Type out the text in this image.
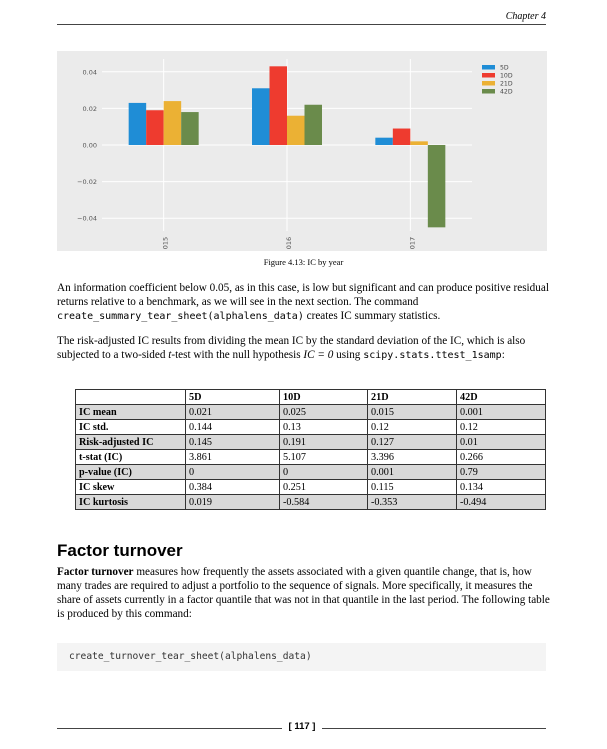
Chapter 4
0.04
0.02
0.00
−0.02
−0.04
015	016	017
5D
10D
21D
42D
Figure 4.13: IC by year
An information coefficient below 0.05, as in this case, is low but significant and can produce positive residual returns relative to a benchmark, as we will see in the next section. The command create_summary_tear_sheet(alphalens_data) creates IC summary statistics.
The risk-adjusted IC results from dividing the mean IC by the standard deviation of the IC, which is also subjected to a two-sided t-test with the null hypothesis IC = 0 using scipy.stats.ttest_1samp:
	5D	10D	21D	42D
IC mean	0.021	0.025	0.015	0.001
IC std.	0.144	0.13	0.12	0.12
Risk-adjusted IC	0.145	0.191	0.127	0.01
t-stat (IC)	3.861	5.107	3.396	0.266
p-value (IC)	0	0	0.001	0.79
IC skew	0.384	0.251	0.115	0.134
IC kurtosis	0.019	-0.584	-0.353	-0.494
Factor turnover
Factor turnover measures how frequently the assets associated with a given quantile change, that is, how many trades are required to adjust a portfolio to the sequence of signals. More specifically, it measures the share of assets currently in a factor quantile that was not in that quantile in the last period. The following table is produced by this command:
create_turnover_tear_sheet(alphalens_data)
[ 117 ]
